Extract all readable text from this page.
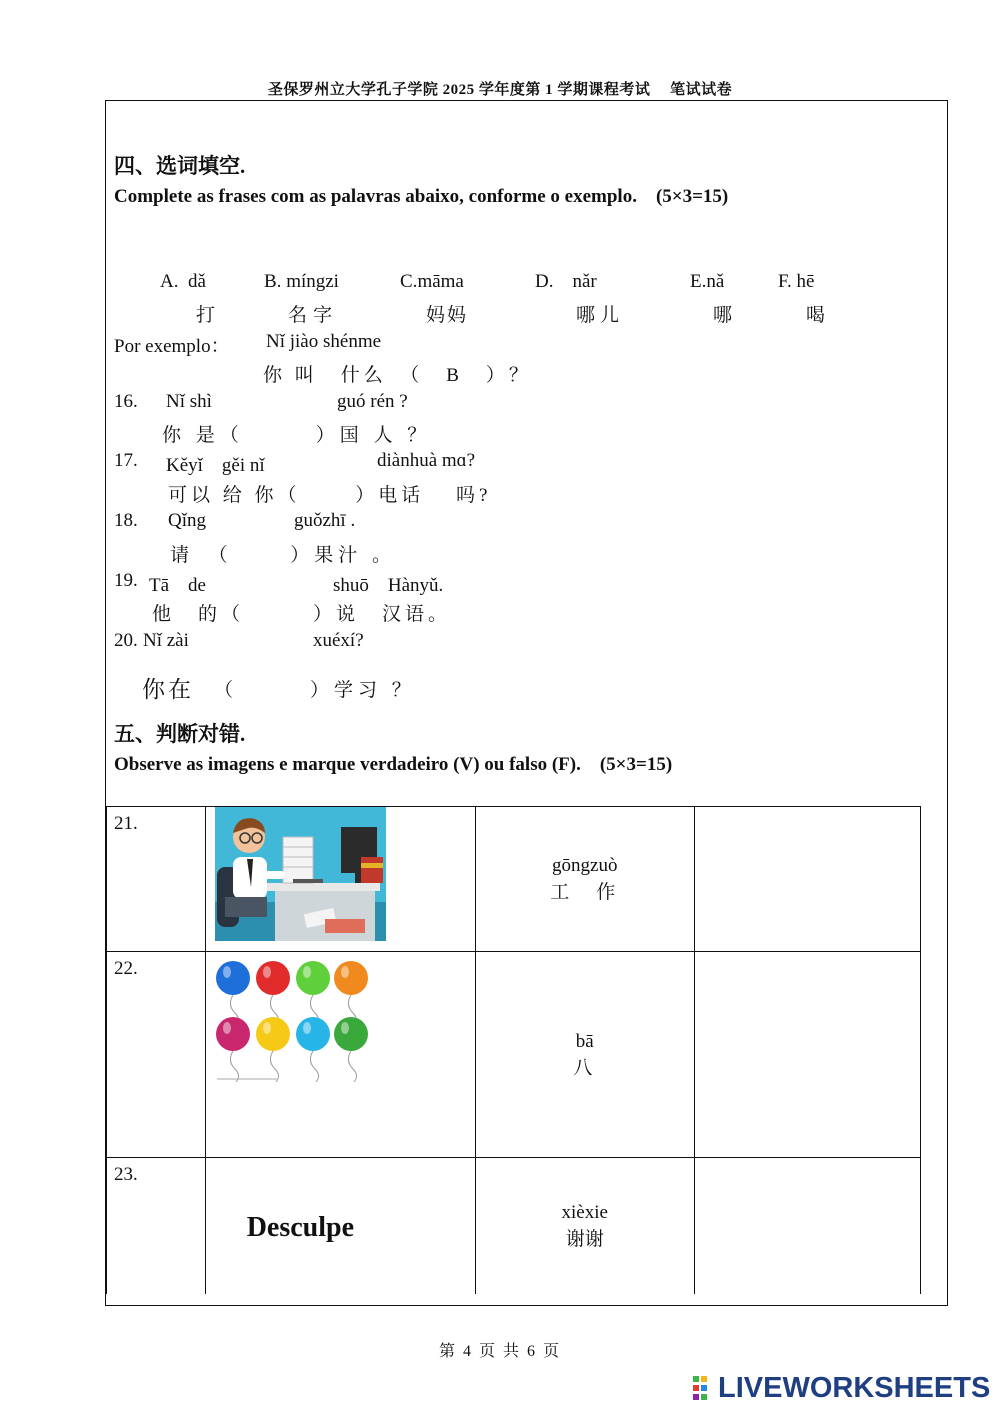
圣保罗州立大学孔子学院 2025 学年度第 1 学期课程考试　 笔试试卷
四、选词填空.
Complete as frases com as palavras abaixo, conforme o exemplo.　(5×3=15)
A. dǎ
打
B. míngzi
名字
C.māma
妈妈
D. nǎr
哪儿
E.nǎ
哪
F. hē
喝
Por exemplo： Nǐ jiào shénme
你 叫　什么　（　B　）？
16. Nǐ shì	guó rén ?
你 是（　　　）国 人 ？
17. Kěyǐ　gěi nǐ	diànhuà mɑ?
可以 给 你（　　 ）电话　 吗?
18. Qǐng	guǒzhī .
请　（　　 ）果汁 。
19. Tā　de	shuō　Hànyǔ.
他　的（　　　）说　汉语。
20. Nǐ zài	xuéxí?
你在 （　　　）学习 ？
五、判断对错.
Observe as imagens e marque verdadeiro (V) ou falso (F).　(5×3=15)
21.		gōngzuò
工　作	

22.		bā
八	

23.	Desculpe	xièxie
谢谢	

第 4 页 共 6 页
LIVEWORKSHEETS
